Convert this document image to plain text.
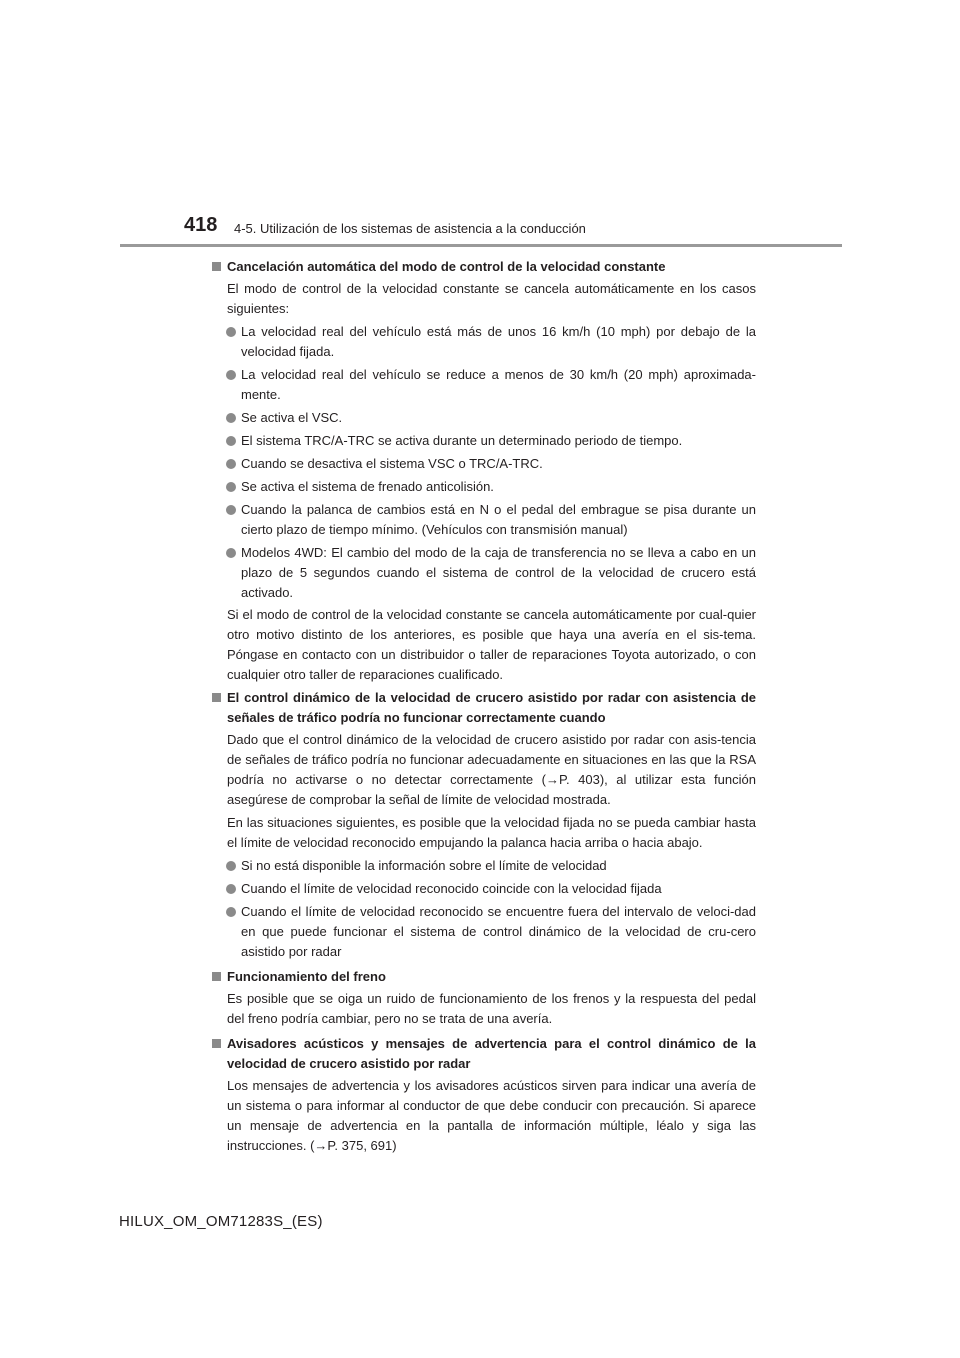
418 4-5. Utilización de los sistemas de asistencia a la conducción
Cancelación automática del modo de control de la velocidad constante
El modo de control de la velocidad constante se cancela automáticamente en los casos siguientes:
La velocidad real del vehículo está más de unos 16 km/h (10 mph) por debajo de la velocidad fijada.
La velocidad real del vehículo se reduce a menos de 30 km/h (20 mph) aproximada-mente.
Se activa el VSC.
El sistema TRC/A-TRC se activa durante un determinado periodo de tiempo.
Cuando se desactiva el sistema VSC o TRC/A-TRC.
Se activa el sistema de frenado anticolisión.
Cuando la palanca de cambios está en N o el pedal del embrague se pisa durante un cierto plazo de tiempo mínimo. (Vehículos con transmisión manual)
Modelos 4WD: El cambio del modo de la caja de transferencia no se lleva a cabo en un plazo de 5 segundos cuando el sistema de control de la velocidad de crucero está activado.
Si el modo de control de la velocidad constante se cancela automáticamente por cual-quier otro motivo distinto de los anteriores, es posible que haya una avería en el sis-tema. Póngase en contacto con un distribuidor o taller de reparaciones Toyota autorizado, o con cualquier otro taller de reparaciones cualificado.
El control dinámico de la velocidad de crucero asistido por radar con asistencia de señales de tráfico podría no funcionar correctamente cuando
Dado que el control dinámico de la velocidad de crucero asistido por radar con asis-tencia de señales de tráfico podría no funcionar adecuadamente en situaciones en las que la RSA podría no activarse o no detectar correctamente (→P. 403), al utilizar esta función asegúrese de comprobar la señal de límite de velocidad mostrada.
En las situaciones siguientes, es posible que la velocidad fijada no se pueda cambiar hasta el límite de velocidad reconocido empujando la palanca hacia arriba o hacia abajo.
Si no está disponible la información sobre el límite de velocidad
Cuando el límite de velocidad reconocido coincide con la velocidad fijada
Cuando el límite de velocidad reconocido se encuentre fuera del intervalo de veloci-dad en que puede funcionar el sistema de control dinámico de la velocidad de cru-cero asistido por radar
Funcionamiento del freno
Es posible que se oiga un ruido de funcionamiento de los frenos y la respuesta del pedal del freno podría cambiar, pero no se trata de una avería.
Avisadores acústicos y mensajes de advertencia para el control dinámico de la velocidad de crucero asistido por radar
Los mensajes de advertencia y los avisadores acústicos sirven para indicar una avería de un sistema o para informar al conductor de que debe conducir con precaución. Si aparece un mensaje de advertencia en la pantalla de información múltiple, léalo y siga las instrucciones. (→P. 375, 691)
HILUX_OM_OM71283S_(ES)
